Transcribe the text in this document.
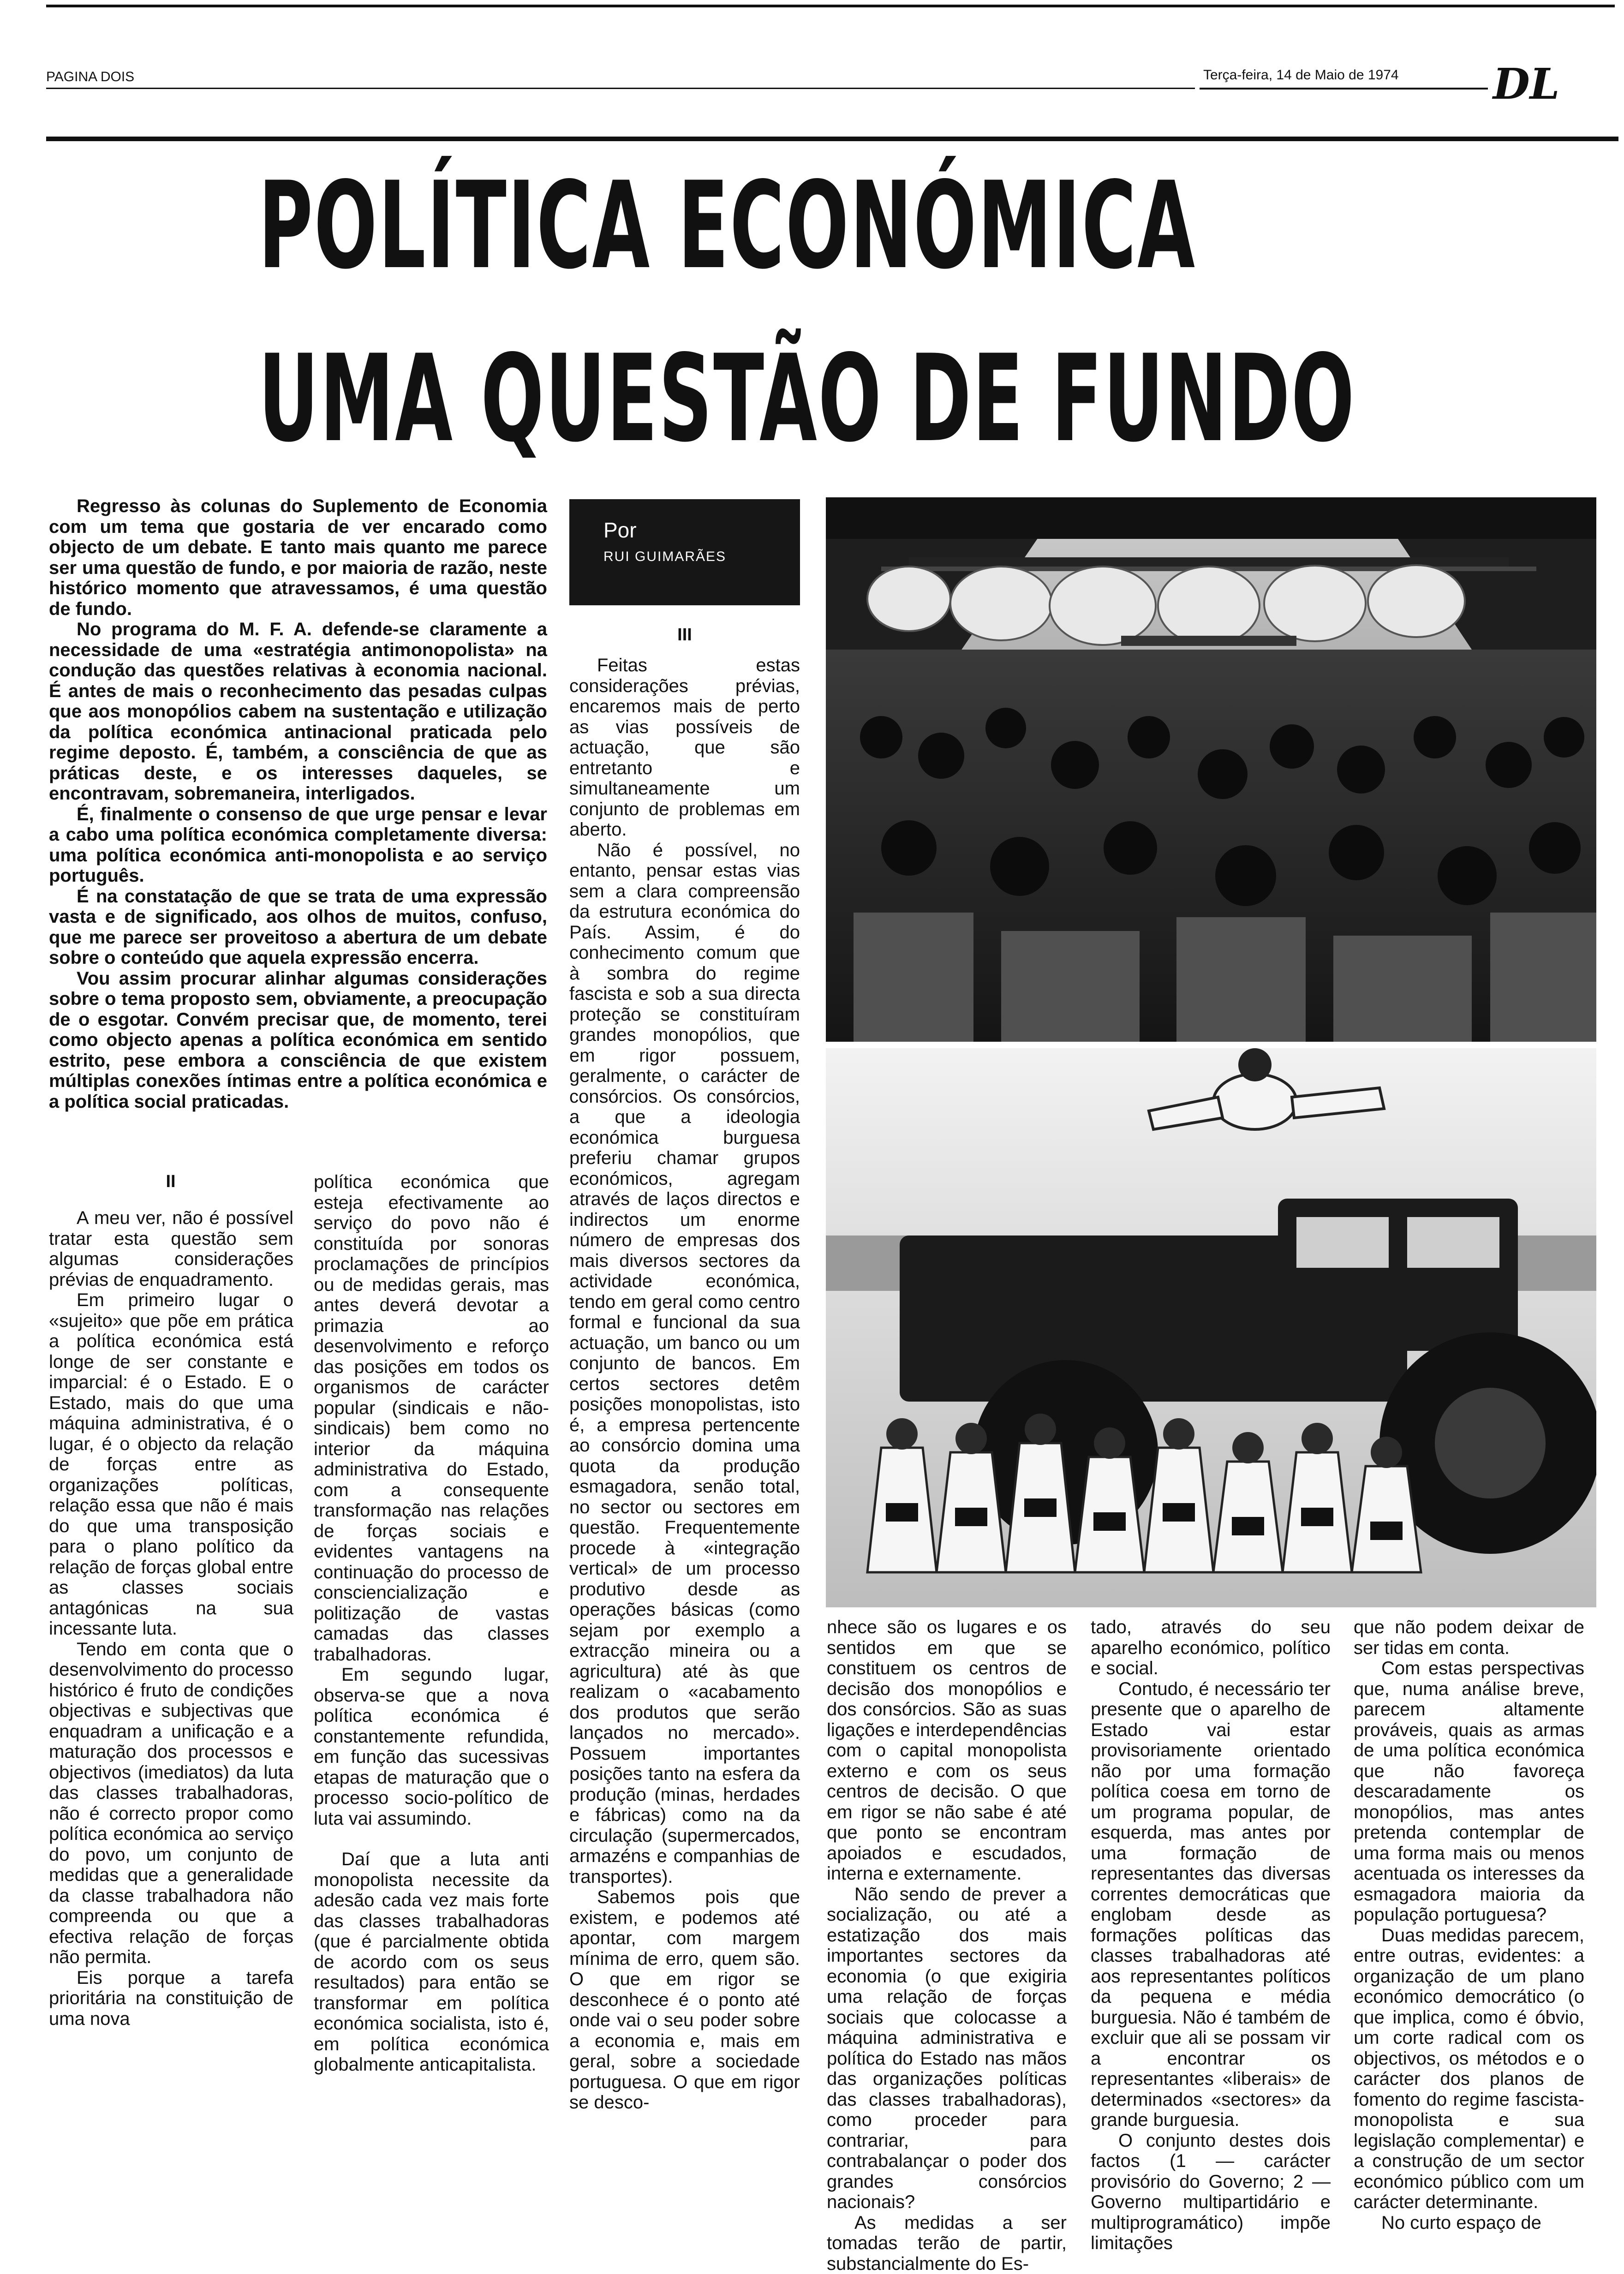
PAGINA DOIS	Terça-feira, 14 de Maio de 1974 DL
POLÍTICA ECONÓMICA
UMA QUESTÃO DE FUNDO

Regresso às colunas do Suplemento de Economia com um tema que gostaria de ver encarado como objecto de um debate. E tanto mais quanto me parece ser uma questão de fundo, e por maioria de razão, neste histórico momento que atravessamos, é uma questão de fundo.

No programa do M. F. A. defende-se claramente a necessidade de uma «estratégia antimonopolista» na condução das questões relativas à economia nacional. É antes de mais o reconhecimento das pesadas culpas que aos monopólios cabem na sustentação e utilização da política económica antinacional praticada pelo regime deposto. É, também, a consciência de que as práticas deste, e os interesses daqueles, se encontravam, sobremaneira, interligados.

É, finalmente o consenso de que urge pensar e levar a cabo uma política económica completamente diversa: uma política económica anti-monopolista e ao serviço português.

É na constatação de que se trata de uma expressão vasta e de significado, aos olhos de muitos, confuso, que me parece ser proveitoso a abertura de um debate sobre o conteúdo que aquela expressão encerra.

Vou assim procurar alinhar algumas considerações sobre o tema proposto sem, obviamente, a preocupação de o esgotar. Convém precisar que, de momento, terei como objecto apenas a política económica em sentido estrito, pese embora a consciência de que existem múltiplas conexões íntimas entre a política económica e a política social praticadas.

Por
RUI GUIMARÃES
II

A meu ver, não é possível tratar esta questão sem algumas considerações prévias de enquadramento.

Em primeiro lugar o «sujeito» que põe em prática a política económica está longe de ser constante e imparcial: é o Estado. E o Estado, mais do que uma máquina administrativa, é o lugar, é o objecto da relação de forças entre as organizações políticas, relação essa que não é mais do que uma transposição para o plano político da relação de forças global entre as classes sociais antagónicas na sua incessante luta.

Tendo em conta que o desenvolvimento do processo histórico é fruto de condições objectivas e subjectivas que enquadram a unificação e a maturação dos processos e objectivos (imediatos) da luta das classes trabalhadoras, não é correcto propor como política económica ao serviço do povo, um conjunto de medidas que a generalidade da classe trabalhadora não compreenda ou que a efectiva relação de forças não permita.

Eis porque a tarefa prioritária na constituição de uma nova

política económica que esteja efectivamente ao serviço do povo não é constituída por sonoras proclamações de princípios ou de medidas gerais, mas antes deverá devotar a primazia ao desenvolvimento e reforço das posições em todos os organismos de carácter popular (sindicais e não-sindicais) bem como no interior da máquina administrativa do Estado, com a consequente transformação nas relações de forças sociais e evidentes vantagens na continuação do processo de consciencialização e politização de vastas camadas das classes trabalhadoras.

Em segundo lugar, observa-se que a nova política económica é constantemente refundida, em função das sucessivas etapas de maturação que o processo socio-político de luta vai assumindo.

Daí que a luta anti monopolista necessite da adesão cada vez mais forte das classes trabalhadoras (que é parcialmente obtida de acordo com os seus resultados) para então se transformar em política económica socialista, isto é, em política económica globalmente anticapitalista.

III

Feitas estas considerações prévias, encaremos mais de perto as vias possíveis de actuação, que são entretanto e simultaneamente um conjunto de problemas em aberto.

Não é possível, no entanto, pensar estas vias sem a clara compreensão da estrutura económica do País. Assim, é do conhecimento comum que à sombra do regime fascista e sob a sua directa proteção se constituíram grandes monopólios, que em rigor possuem, geralmente, o carácter de consórcios. Os consórcios, a que a ideologia económica burguesa preferiu chamar grupos económicos, agregam através de laços directos e indirectos um enorme número de empresas dos mais diversos sectores da actividade económica, tendo em geral como centro formal e funcional da sua actuação, um banco ou um conjunto de bancos. Em certos sectores detêm posições monopolistas, isto é, a empresa pertencente ao consórcio domina uma quota da produção esmagadora, senão total, no sector ou sectores em questão. Frequentemente procede à «integração vertical» de um processo produtivo desde as operações básicas (como sejam por exemplo a extracção mineira ou a agricultura) até às que realizam o «acabamento dos produtos que serão lançados no mercado». Possuem importantes posições tanto na esfera da produção (minas, herdades e fábricas) como na da circulação (supermercados, armazéns e companhias de transportes).

Sabemos pois que existem, e podemos até apontar, com margem mínima de erro, quem são. O que em rigor se desconhece é o ponto até onde vai o seu poder sobre a economia e, mais em geral, sobre a sociedade portuguesa. O que em rigor se desco-

nhece são os lugares e os sentidos em que se constituem os centros de decisão dos monopólios e dos consórcios. São as suas ligações e interdependências com o capital monopolista externo e com os seus centros de decisão. O que em rigor se não sabe é até que ponto se encontram apoiados e escudados, interna e externamente.

Não sendo de prever a socialização, ou até a estatização dos mais importantes sectores da economia (o que exigiria uma relação de forças sociais que colocasse a máquina administrativa e política do Estado nas mãos das organizações políticas das classes trabalhadoras), como proceder para contrariar, para contrabalançar o poder dos grandes consórcios nacionais?

As medidas a ser tomadas terão de partir, substancialmente do Es-

tado, através do seu aparelho económico, político e social.

Contudo, é necessário ter presente que o aparelho de Estado vai estar provisoriamente orientado não por uma formação política coesa em torno de um programa popular, de esquerda, mas antes por uma formação de representantes das diversas correntes democráticas que englobam desde as formações políticas das classes trabalhadoras até aos representantes políticos da pequena e média burguesia. Não é também de excluir que ali se possam vir a encontrar os representantes «liberais» de determinados «sectores» da grande burguesia.

O conjunto destes dois factos (1 — carácter provisório do Governo; 2 — Governo multipartidário e multiprogramático) impõe limitações

que não podem deixar de ser tidas em conta.

Com estas perspectivas que, numa análise breve, parecem altamente prováveis, quais as armas de uma política económica que não favoreça descaradamente os monopólios, mas antes pretenda contemplar de uma forma mais ou menos acentuada os interesses da esmagadora maioria da população portuguesa?

Duas medidas parecem, entre outras, evidentes: a organização de um plano económico democrático (o que implica, como é óbvio, um corte radical com os objectivos, os métodos e o carácter dos planos de fomento do regime fascista-monopolista e sua legislação complementar) e a construção de um sector económico público com um carácter determinante.

No curto espaço de
